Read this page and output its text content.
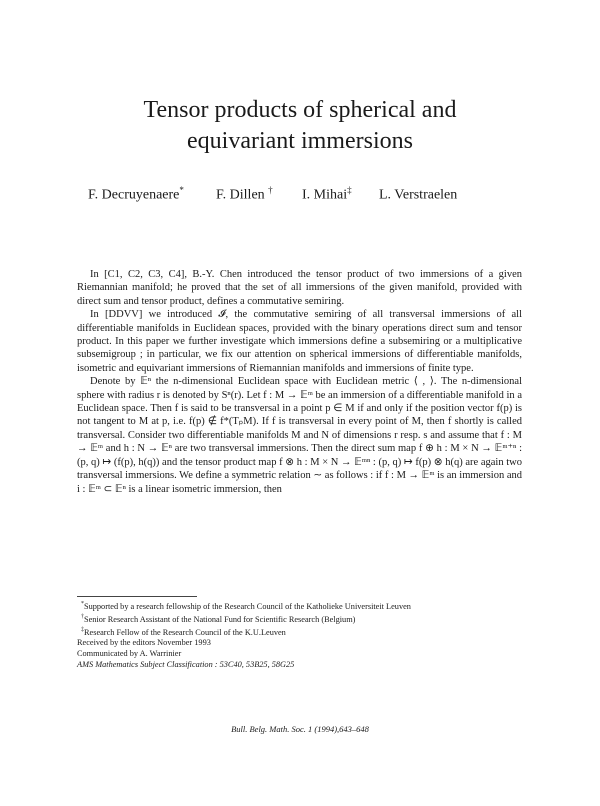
Tensor products of spherical and
equivariant immersions
F. Decruyenaere* F. Dillen † I. Mihai‡ L. Verstraelen

In [C1, C2, C3, C4], B.-Y. Chen introduced the tensor product of two immersions of a given Riemannian manifold; he proved that the set of all immersions of the given manifold, provided with direct sum and tensor product, defines a commutative semiring.

In [DDVV] we introduced 𝓘, the commutative semiring of all transversal immersions of all differentiable manifolds in Euclidean spaces, provided with the binary operations direct sum and tensor product. In this paper we further investigate which immersions define a subsemiring or a multiplicative subsemigroup ; in particular, we fix our attention on spherical immersions of differentiable manifolds, isometric and equivariant immersions of Riemannian manifolds and immersions of finite type.

Denote by 𝔼ⁿ the n-dimensional Euclidean space with Euclidean metric ⟨ , ⟩. The n-dimensional sphere with radius r is denoted by Sⁿ(r). Let f : M → 𝔼ᵐ be an immersion of a differentiable manifold in a Euclidean space. Then f is said to be transversal in a point p ∈ M if and only if the position vector f(p) is not tangent to M at p, i.e. f(p) ∉ f*(TₚM). If f is transversal in every point of M, then f shortly is called transversal. Consider two differentiable manifolds M and N of dimensions r resp. s and assume that f : M → 𝔼ᵐ and h : N → 𝔼ⁿ are two transversal immersions. Then the direct sum map f ⊕ h : M × N → 𝔼ᵐ⁺ⁿ : (p, q) ↦ (f(p), h(q)) and the tensor product map f ⊗ h : M × N → 𝔼ᵐⁿ : (p, q) ↦ f(p) ⊗ h(q) are again two transversal immersions. We define a symmetric relation ∼ as follows : if f : M → 𝔼ᵐ is an immersion and i : 𝔼ᵐ ⊂ 𝔼ⁿ is a linear isometric immersion, then

*Supported by a research fellowship of the Research Council of the Katholieke Universiteit Leuven

†Senior Research Assistant of the National Fund for Scientific Research (Belgium)

‡Research Fellow of the Research Council of the K.U.Leuven

Received by the editors November 1993

Communicated by A. Warrinier

AMS Mathematics Subject Classification : 53C40, 53B25, 58G25

Bull. Belg. Math. Soc. 1 (1994),643–648
